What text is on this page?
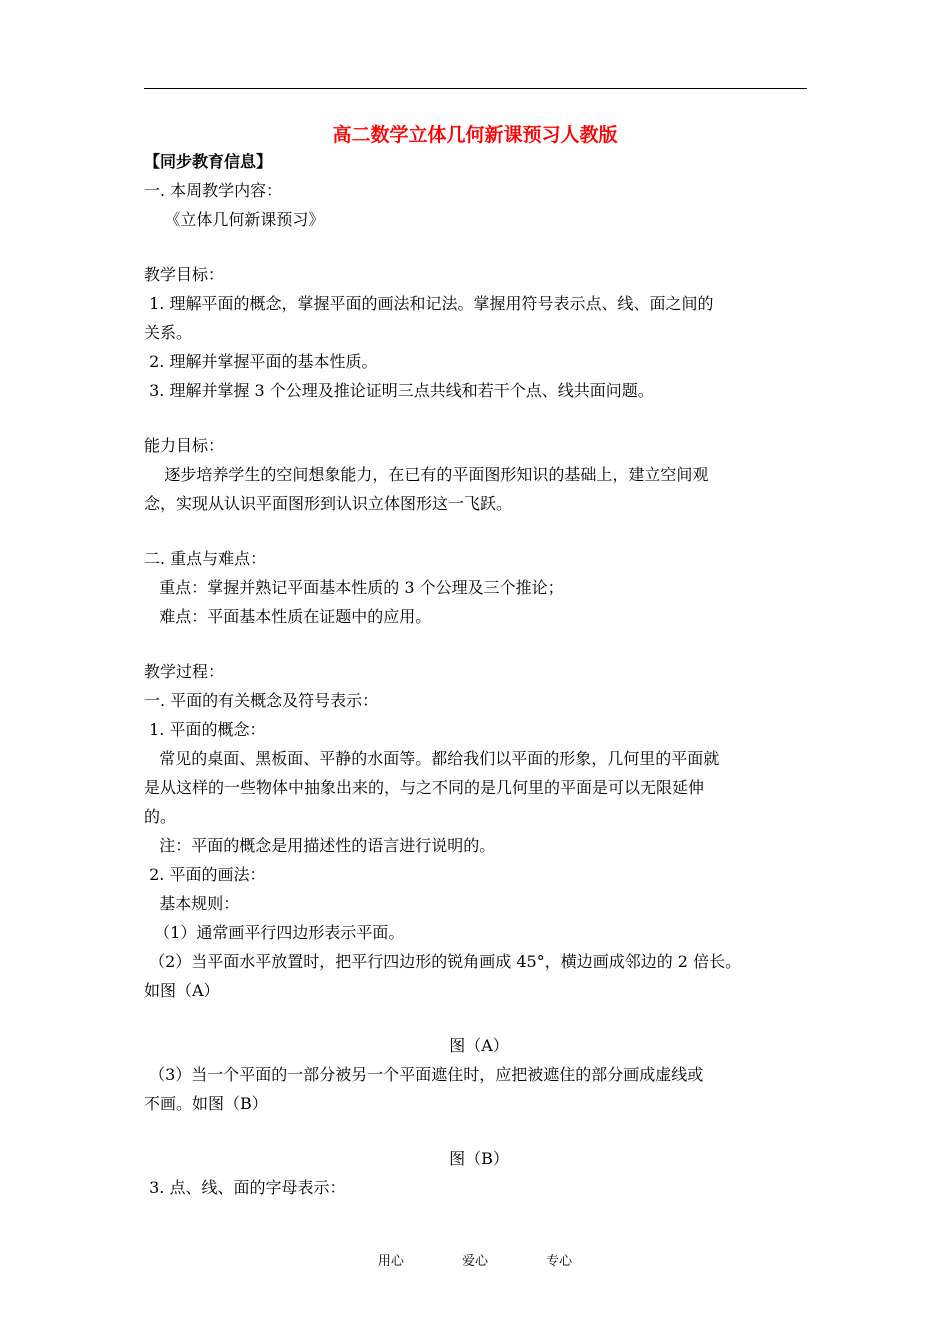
高二数学立体几何新课预习人教版
【同步教育信息】
一. 本周教学内容：
《立体几何新课预习》
教学目标：
1. 理解平面的概念，掌握平面的画法和记法。掌握用符号表示点、线、面之间的
关系。
2. 理解并掌握平面的基本性质。
3. 理解并掌握 3 个公理及推论证明三点共线和若干个点、线共面问题。
能力目标：
逐步培养学生的空间想象能力，在已有的平面图形知识的基础上，建立空间观
念，实现从认识平面图形到认识立体图形这一飞跃。
二. 重点与难点：
重点：掌握并熟记平面基本性质的 3 个公理及三个推论；
难点：平面基本性质在证题中的应用。
教学过程：
一. 平面的有关概念及符号表示：
1. 平面的概念：
常见的桌面、黑板面、平静的水面等。都给我们以平面的形象，几何里的平面就
是从这样的一些物体中抽象出来的，与之不同的是几何里的平面是可以无限延伸
的。
注：平面的概念是用描述性的语言进行说明的。
2. 平面的画法：
基本规则：
（1）通常画平行四边形表示平面。
（2）当平面水平放置时，把平行四边形的锐角画成 45°，横边画成邻边的 2 倍长。
如图（A）
图（A）
（3）当一个平面的一部分被另一个平面遮住时，应把被遮住的部分画成虚线或
不画。如图（B）
图（B）
3. 点、线、面的字母表示：
用心	爱心	专心
